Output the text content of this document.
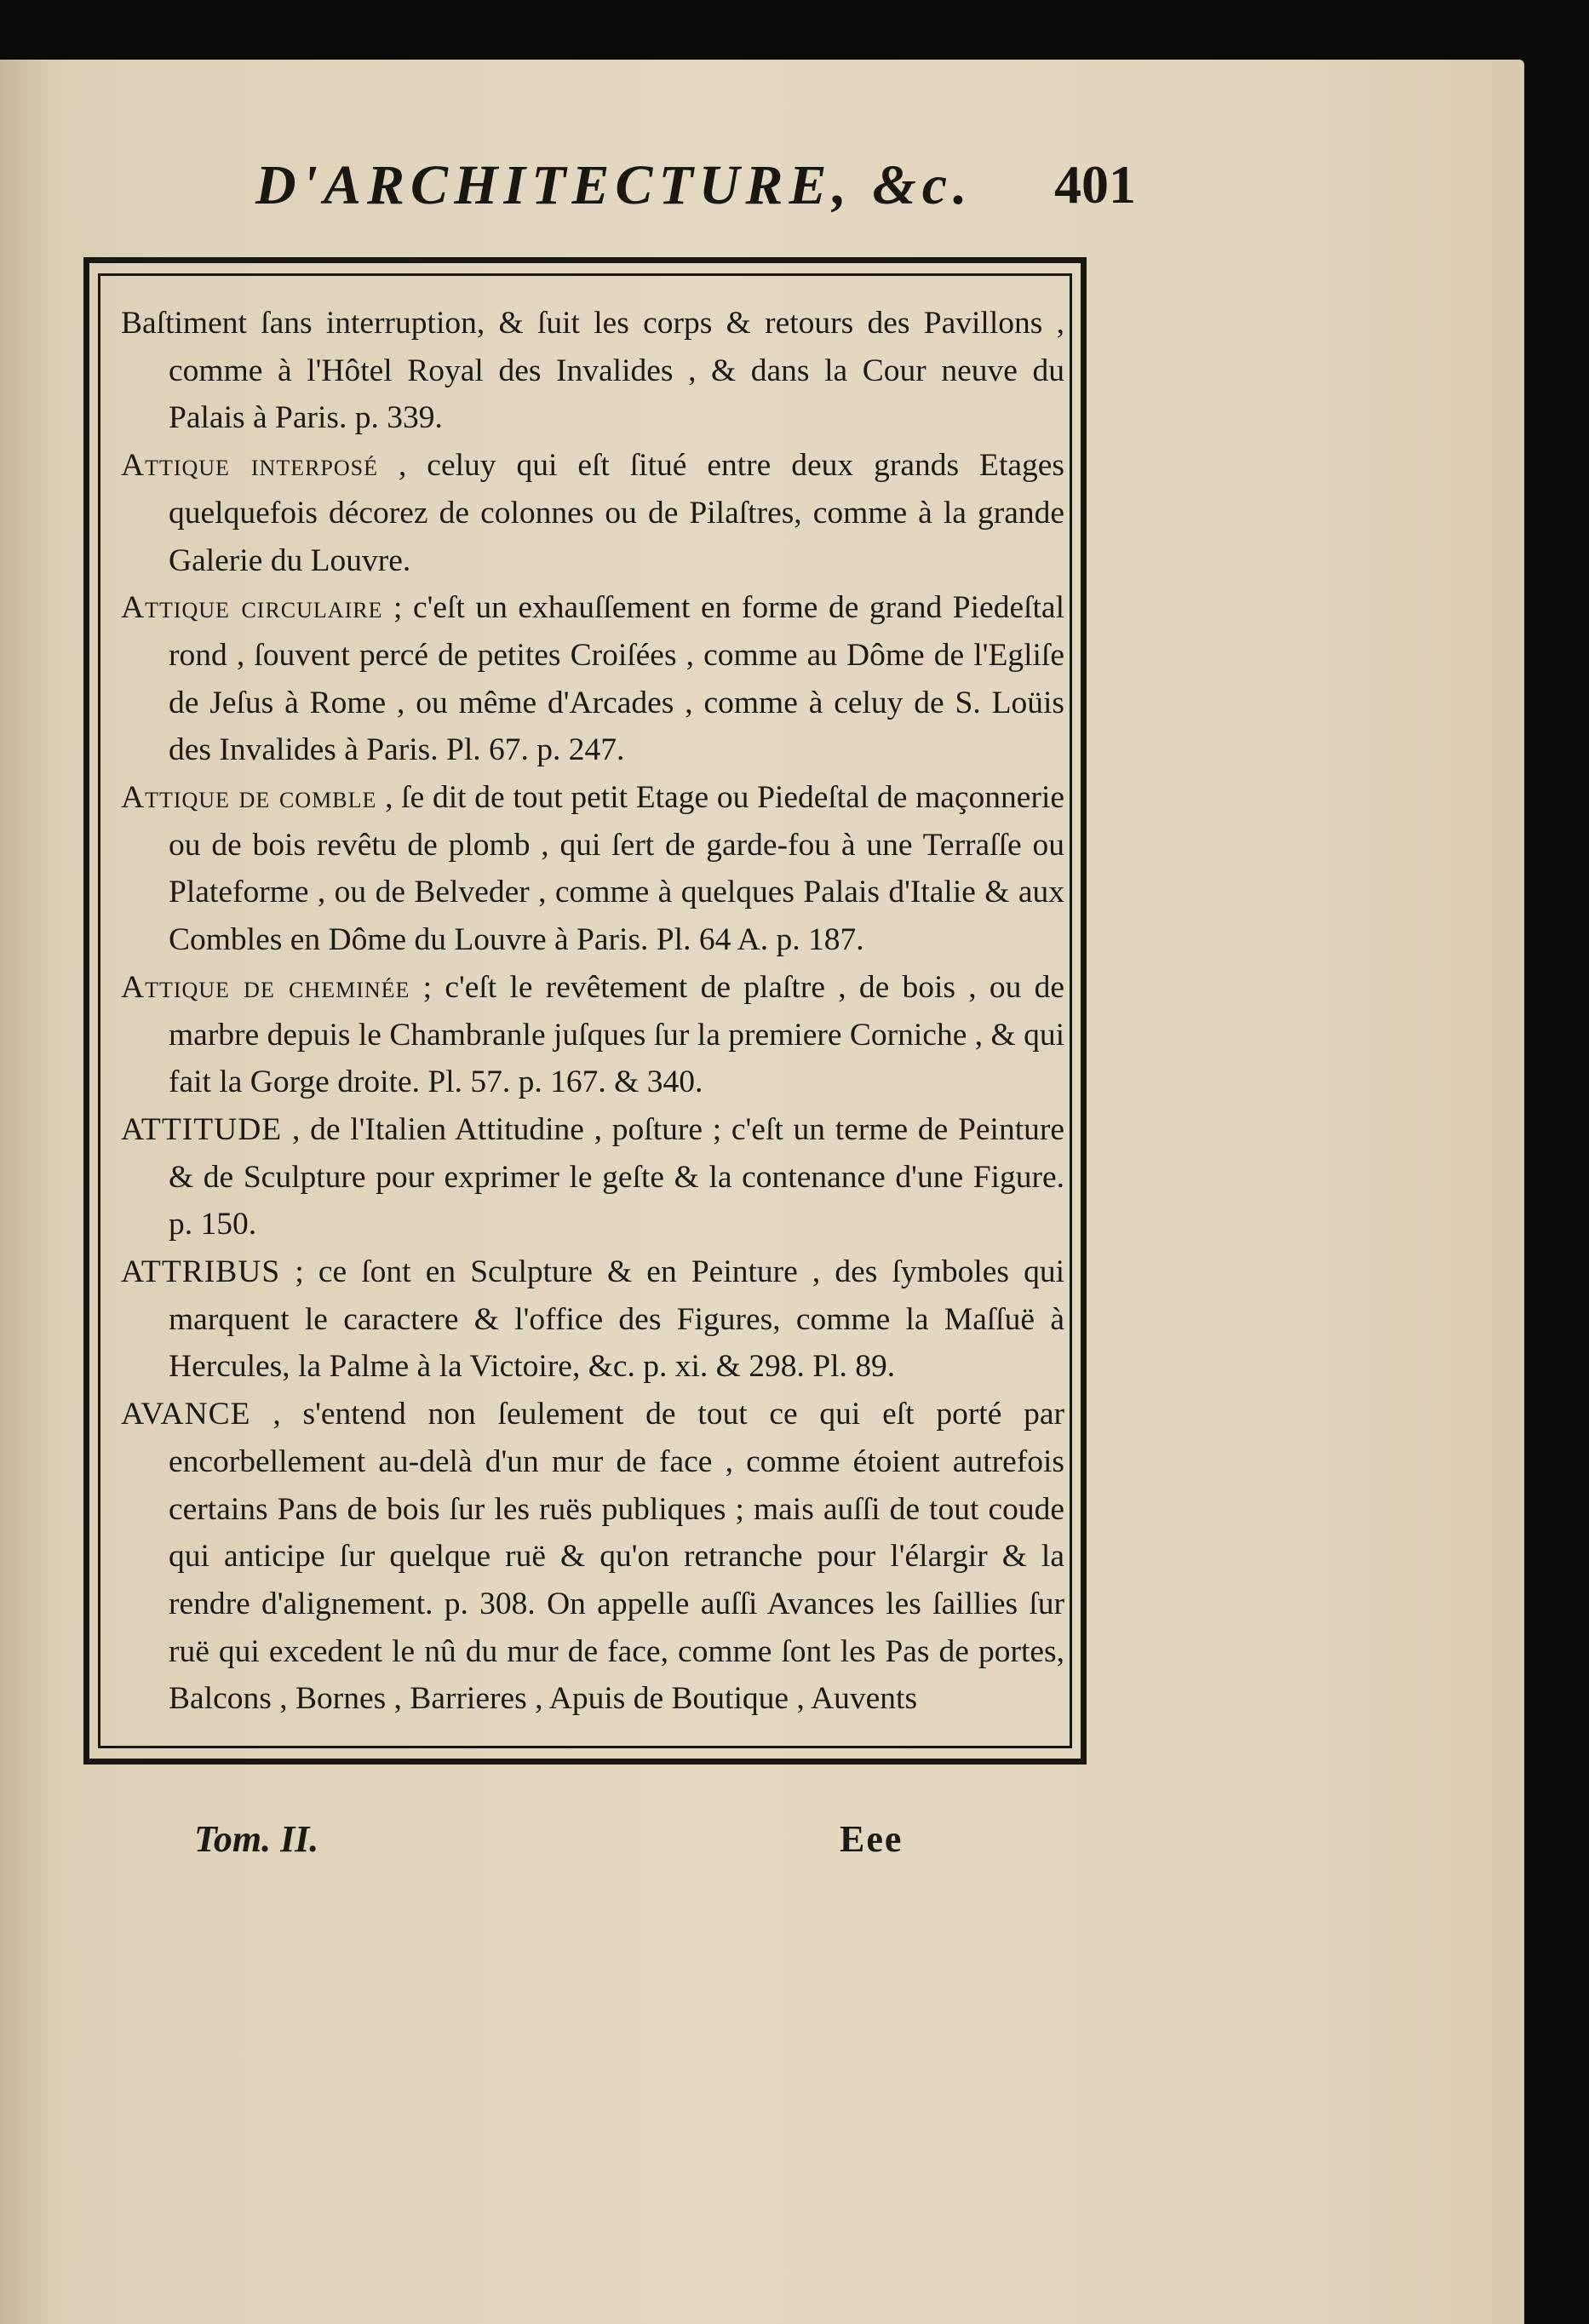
D'ARCHITECTURE, &c. 401

Baſtiment ſans interruption, & ſuit les corps & retours des Pavillons , comme à l'Hôtel Royal des Invalides , & dans la Cour neuve du Palais à Paris. p. 339.

Attique interposé , celuy qui eſt ſitué entre deux grands Etages quelquefois décorez de colonnes ou de Pilaſtres, comme à la grande Galerie du Louvre.

Attique circulaire ; c'eſt un exhauſſement en forme de grand Piedeſtal rond , ſouvent percé de petites Croiſées , comme au Dôme de l'Egliſe de Jeſus à Rome , ou même d'Arcades , comme à celuy de S. Loüis des Invalides à Paris. Pl. 67. p. 247.

Attique de comble , ſe dit de tout petit Etage ou Piedeſtal de maçonnerie ou de bois revêtu de plomb , qui ſert de garde-fou à une Terraſſe ou Plateforme , ou de Belveder , comme à quelques Palais d'Italie & aux Combles en Dôme du Louvre à Paris. Pl. 64 A. p. 187.

Attique de cheminée ; c'eſt le revêtement de plaſtre , de bois , ou de marbre depuis le Chambranle juſques ſur la premiere Corniche , & qui fait la Gorge droite. Pl. 57. p. 167. & 340.

ATTITUDE , de l'Italien Attitudine , poſture ; c'eſt un terme de Peinture & de Sculpture pour exprimer le geſte & la contenance d'une Figure. p. 150.

ATTRIBUS ; ce ſont en Sculpture & en Peinture , des ſymboles qui marquent le caractere & l'office des Figures, comme la Maſſuë à Hercules, la Palme à la Victoire, &c. p. xi. & 298. Pl. 89.

AVANCE , s'entend non ſeulement de tout ce qui eſt porté par encorbellement au-delà d'un mur de face , comme étoient autrefois certains Pans de bois ſur les ruës publiques ; mais auſſi de tout coude qui anticipe ſur quelque ruë & qu'on retranche pour l'élargir & la rendre d'alignement. p. 308. On appelle auſſi Avances les ſaillies ſur ruë qui excedent le nû du mur de face, comme ſont les Pas de portes, Balcons , Bornes , Barrieres , Apuis de Boutique , Auvents

Tom. II.	Eee
